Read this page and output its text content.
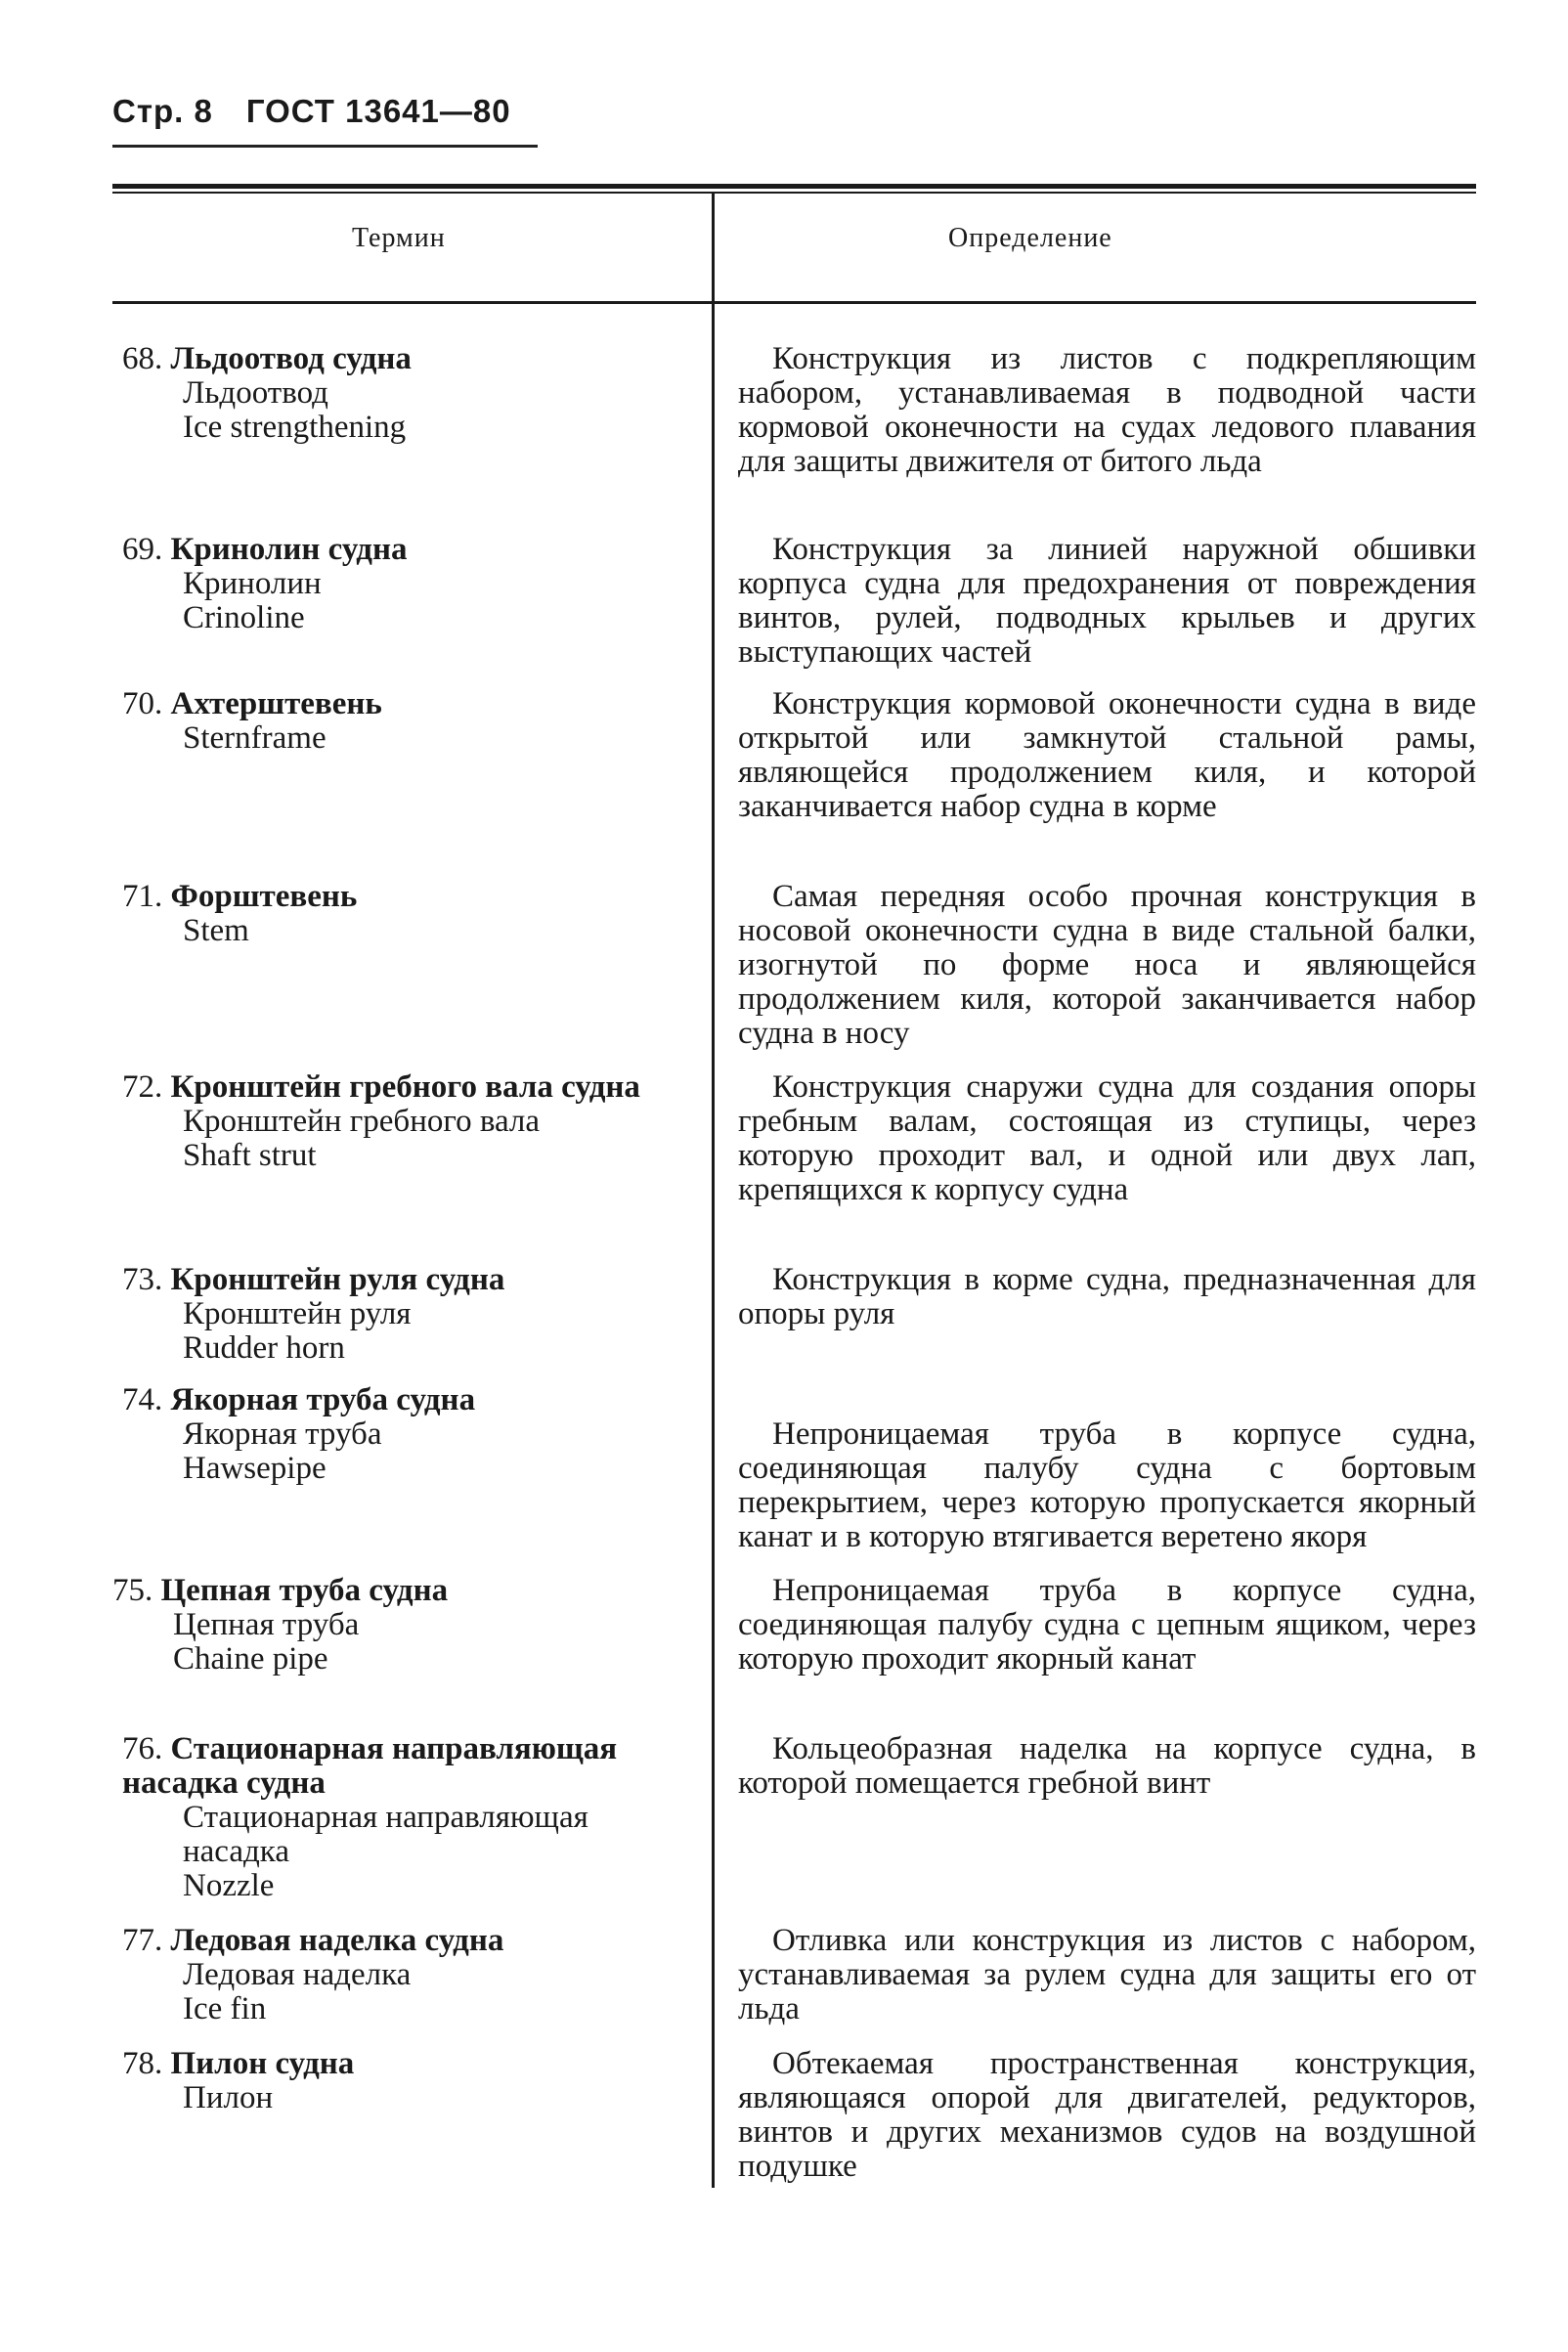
Стр. 8 ГОСТ 13641—80
Термин	Определение
68. Льдоотвод судна
Льдоотвод
Ice strengthening

Конструкция из листов с подкрепляющим набором, устанавливаемая в подводной части кормовой оконечности на судах ледового плавания для защиты движителя от битого льда

69. Кринолин судна
Кринолин
Crinoline

Конструкция за линией наружной обшивки корпуса судна для предохранения от повреждения винтов, рулей, подводных крыльев и других выступающих частей

70. Ахтерштевень
Sternframe

Конструкция кормовой оконечности судна в виде открытой или замкнутой стальной рамы, являющейся продолжением киля, и которой заканчивается набор судна в корме

71. Форштевень
Stem

Самая передняя особо прочная конструкция в носовой оконечности судна в виде стальной балки, изогнутой по форме носа и являющейся продолжением киля, которой заканчивается набор судна в носу

72. Кронштейн гребного вала судна
Кронштейн гребного вала
Shaft strut

Конструкция снаружи судна для создания опоры гребным валам, состоящая из ступицы, через которую проходит вал, и одной или двух лап, крепящихся к корпусу судна

73. Кронштейн руля судна
Кронштейн руля
Rudder horn

Конструкция в корме судна, предназначенная для опоры руля

74. Якорная труба судна
Якорная труба
Hawsepipe

Непроницаемая труба в корпусе судна, соединяющая палубу судна с бортовым перекрытием, через которую пропускается якорный канат и в которую втягивается веретено якоря

75. Цепная труба судна
Цепная труба
Chaine pipe

Непроницаемая труба в корпусе судна, соединяющая палубу судна с цепным ящиком, через которую проходит якорный канат

76. Стационарная направляющая насадка судна
Стационарная направляющая насадка
Nozzle

Кольцеобразная наделка на корпусе судна, в которой помещается гребной винт

77. Ледовая наделка судна
Ледовая наделка
Ice fin

Отливка или конструкция из листов с набором, устанавливаемая за рулем судна для защиты его от льда

78. Пилон судна
Пилон

Обтекаемая пространственная конструкция, являющаяся опорой для двигателей, редукторов, винтов и других механизмов судов на воздушной подушке
